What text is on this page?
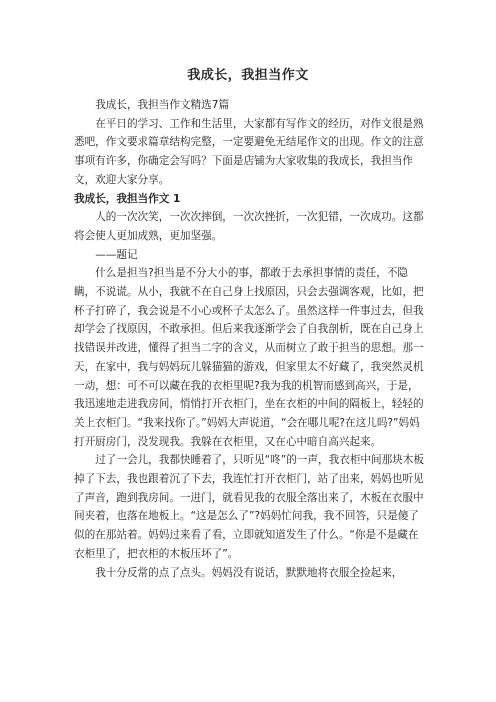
我成长，我担当作文

我成长，我担当作文精选7篇

在平日的学习、工作和生活里，大家都有写作文的经历，对作文很是熟悉吧，作文要求篇章结构完整，一定要避免无结尾作文的出现。作文的注意事项有许多，你确定会写吗？下面是店铺为大家收集的我成长，我担当作文，欢迎大家分享。

我成长，我担当作文 1

人的一次次笑，一次次摔倒，一次次挫折，一次犯错，一次成功。这都将会使人更加成熟，更加坚强。

——题记

什么是担当?担当是不分大小的事，都敢于去承担事情的责任，不隐瞒，不说谎。从小，我就不在自己身上找原因，只会去强调客观，比如，把杯子打碎了，我会说是不小心或杯子太怎么了。虽然这样一件事过去，但我却学会了找原因，不敢承担。但后来我逐渐学会了自我剖析，既在自己身上找错误并改进，懂得了担当二字的含义，从而树立了敢于担当的思想。那一天，在家中，我与妈妈玩儿躲猫猫的游戏，但家里太不好藏了，我突然灵机一动，想：可不可以藏在我的衣柜里呢?我为我的机智而感到高兴，于是，我迅速地走进我房间，悄悄打开衣柜门，坐在衣柜的中间的隔板上，轻轻的关上衣柜门。“我来找你了。”妈妈大声说道，“会在哪儿呢?在这儿吗?”妈妈打开厨房门，没发现我。我躲在衣柜里，又在心中暗自高兴起来。

过了一会儿，我都快睡着了，只听见“咚”的一声，我衣柜中间那块木板掉了下去，我也跟着沉了下去，我连忙打开衣柜门，站了出来，妈妈也听见了声音，跑到我房间。一进门，就看见我的衣服全落出来了，木板在衣服中间夹着，也落在地板上。“这是怎么了”?妈妈忙问我，我不回答，只是傻了似的在那站着。妈妈过来看了看，立即就知道发生了什么。“你是不是藏在衣柜里了，把衣柜的木板压坏了”。

我十分反常的点了点头。妈妈没有说话，默默地将衣服全捡起来，
